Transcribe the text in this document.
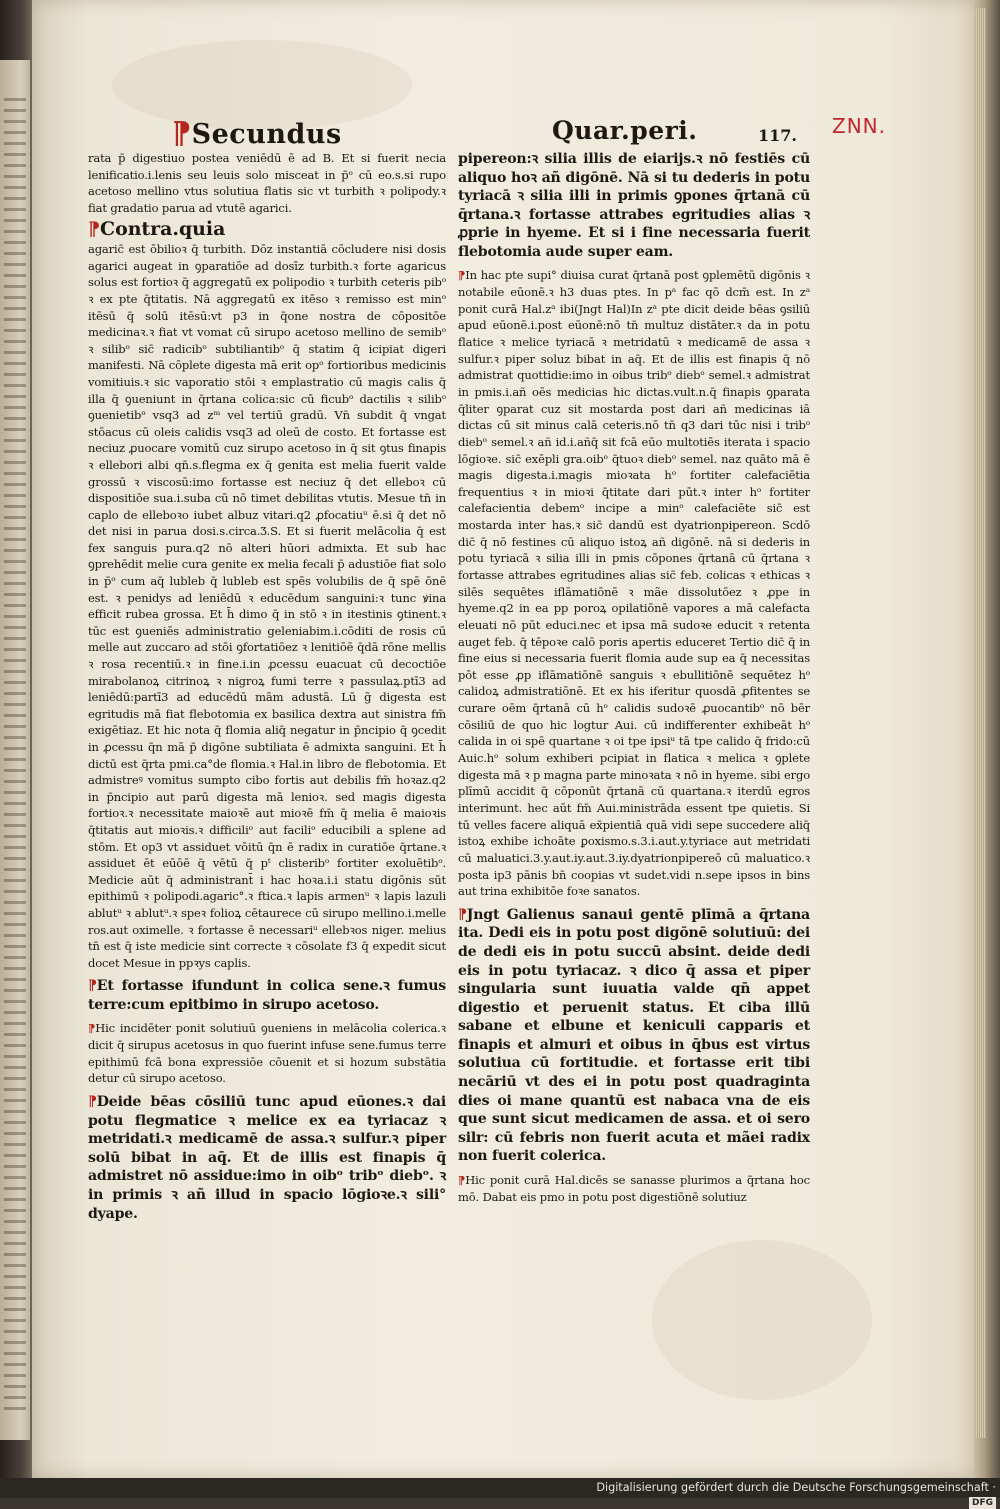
⁋Secundus	Quar.peri.	117. ZNN.

rata p̄ digestiuo postea veniēdū ē ad B. Et si fuerit necia lenificatio.i.lenis seu leuis solo misceat in p̄ᵒ cū eo.s.si rupo acetoso mellino vtus solutiua flatis sic vt turbith ꝛ polipody.ꝛ fiat gradatio parua ad vtutē agarici.

⁋Contra.quia

agaric̄ est ōbilioꝛ q̄ turbith. Dōz instantiā cōcludere nisi dosis agarici augeat in ꝯparatiōe ad dosīz turbith.ꝛ forte agaricus solus est fortioꝛ q̄ aggregatū ex polipodio ꝛ turbith ceteris pibᵒ ꝛ ex pte q̄titatis. Nā aggregatū ex itēso ꝛ remisso est minᵒ itēsū q̄ solū itēsū:vt p3 in q̄one nostra de cōpositōe medicinaꝛ.ꝛ fiat vt vomat cū sirupo acetoso mellino de semibᵒ ꝛ silibᵒ sic̄ radicibᵒ subtiliantibᵒ q̄ statim q̄ icipiat digeri manifesti. Nā cōplete digesta mā erit opᵒ fortioribus medicinis vomitiuis.ꝛ sic vaporatio stōi ꝛ emplastratio cū magis calis q̄ illa q̄ ꝯueniunt in q̄rtana colica:sic cū ficubᵒ dactilis ꝛ silibᵒ ꝯuenietibᵒ vsq3 ad zᵐ vel tertiū gradū. Vn̄ subdit q̄ vngat stōacus cū oleis calidis vsq3 ad oleū de costo. Et fortasse est neciuz ꝓuocare vomitū cuz sirupo acetoso in q̄ sit ꝯtus finapis ꝛ ellebori albi qn̄.s.flegma ex q̄ genita est melia fuerit valde grossū ꝛ viscosū:imo fortasse est neciuz q̄ det elleboꝛ cū dispositiōe sua.i.suba cū nō timet debilitas vtutis. Mesue tn̄ in caplo de elleboꝛo iubet albuz vitari.q2 ꝓfocatiuᵘ ē.si q̄ det nō det nisi in parua dosi.s.circa.Ʒ.S. Et si fuerit melācolia q̄ est fex sanguis pura.q2 nō alteri hūori admixta. Et sub hac ꝯprehēdit melie cura genite ex melia fecali p̄ adustiōe fiat solo in p̄ᵒ cum aq̄ lubleb q̄ lubleb est spēs volubilis de q̄ spē ōnē est. ꝛ penidys ad leniēdū ꝛ educēdum sanguini:ꝛ tunc ꝟina efficit rubea grossa. Et h̄ dimo q̄ in stō ꝛ in itestinis ꝯtinent.ꝛ tūc est ꝯueniēs administratio geleniabim.i.cōditi de rosis cū melle aut zuccaro ad stōi ꝯfortatiōez ꝛ lenitiōē q̄dā rōne mellis ꝛ rosa recentiū.ꝛ in fine.i.in ꝓcessu euacuat cū decoctiōe mirabolanoꝝ citrinoꝝ ꝛ nigroꝝ fumi terre ꝛ passulaꝝ.ptī3 ad leniēdū:partī3 ad educēdū mām adustā. Lū g̃ digesta est egritudis mā fiat flebotomia ex basilica dextra aut sinistra fm̄ exigētiaz. Et hic nota q̄ flomia aliq̄ negatur in p̄ncipio q̄ ꝯcedit in ꝓcessu q̄n mā p̄ digōne subtiliata ē admixta sanguini. Et h̄ dictū est q̄rta pmi.ca°de flomia.ꝛ Hal.in libro de flebotomia. Et admistreꝰ vomitus sumpto cibo fortis aut debilis fm̄ hoꝛaz.q2 in p̄ncipio aut parū digesta mā lenioꝛ. sed magis digesta fortioꝛ.ꝛ necessitate maioꝛē aut mioꝛē fm̄ q̄ melia ē maioꝛis q̄titatis aut mioꝛis.ꝛ difficiliᵒ aut faciliᵒ educibili a splene ad stōm. Et op3 vt assiduet vōitū q̄n ē radix in curatiōe q̄rtane.ꝛ assiduet ēt eūōē q̄ vētū q̄ pᵗ clisteribᵒ fortiter exoluētibᵒ. Medicie aūt q̄ administrant̄ i hac hoꝛa.i.i statu digōnis sūt epithimū ꝛ polipodi.agaric°.ꝛ ftica.ꝛ lapis armenᵘ ꝛ lapis lazuli ablutᵘ ꝛ ablutᵘ.ꝛ speꝛ folioꝝ cētaurece cū sirupo mellino.i.melle ros.aut oximelle. ꝛ fortasse ē necessariᵘ ellebꝛos niger. melius tn̄ est q̄ iste medicie sint correcte ꝛ cōsolate f3 q̄ expedit sicut docet Mesue in ppꝛys caplis.

⁋Et fortasse ifundunt in colica sene.ꝛ fumus terre:cum epitbimo in sirupo acetoso.

⁋Hic incidēter ponit solutiuū ꝯueniens in melācolia colerica.ꝛ dicit q̄ sirupus acetosus in quo fuerint infuse sene.fumus terre epithimū fcā bona expressiōe cōuenit et si hozum substātia detur cū sirupo acetoso.

⁋Deide bēas cōsiliū tunc apud eūones.ꝛ dai potu flegmatice ꝛ melice ex ea tyriacaz ꝛ metridati.ꝛ medicamē de assa.ꝛ sulfur.ꝛ piper solū bibat in aq̄. Et de illis est finapis q̄ admistret nō assidue:imo in oibᵒ tribᵒ diebᵒ. ꝛ in primis ꝛ añ illud in spacio lōgioꝛe.ꝛ sili° dyape.

pipereon:ꝛ silia illis de eiarijs.ꝛ nō festiēs cū aliquo hoꝛ añ digōnē. Nā si tu dederis in potu tyriacā ꝛ silia illi in primis ꝯpones q̄rtanā cū q̄rtana.ꝛ fortasse attrabes egritudies alias ꝛ ꝓprie in hyeme. Et si i fine necessaria fuerit flebotomia aude super eam.

⁋In hac pte supi° diuisa curat q̄rtanā post ꝯplemētū digōnis ꝛ notabile eūonē.ꝛ h3 duas ptes. In pᵃ fac qō dcm̄ est. In zᵃ ponit curā Hal.zᵃ ibi(Jngt Hal)In zᵃ pte dicit deide bēas ꝯsiliū apud eūonē.i.post eūonē:nō tn̄ multuz distāter.ꝛ da in potu flatice ꝛ melice tyriacā ꝛ metridatū ꝛ medicamē de assa ꝛ sulfur.ꝛ piper soluz bibat in aq̄. Et de illis est finapis q̄ nō admistrat quottidie:imo in oibus tribᵒ diebᵒ semel.ꝛ admistrat in pmis.i.añ oēs medicias hic dictas.vult.n.q̄ finapis ꝯparata q̄liter ꝯparat cuz sit mostarda post dari añ medicinas iā dictas cū sit minus calā ceteris.nō tn̄ q3 dari tūc nisi i tribᵒ diebᵒ semel.ꝛ añ id.i.añq̄ sit fcā eūo multotiēs iterata i spacio lōgioꝛe. sic̄ exēpli gra.oibᵒ q̄tuoꝛ diebᵒ semel. naz quāto mā ē magis digesta.i.magis mioꝛata hᵒ fortiter calefaciētia frequentius ꝛ in mioꝛi q̄titate dari pūt.ꝛ inter hᵒ fortiter calefacientia debemᵒ incipe a minᵒ calefaciēte sic̄ est mostarda inter has.ꝛ sic̄ dandū est dyatrionpipereon. Scdō dic̄ q̄ nō festines cū aliquo istoꝝ añ digōnē. nā si dederis in potu tyriacā ꝛ silia illi in pmis cōpones q̄rtanā cū q̄rtana ꝛ fortasse attrabes egritudines alias sic̄ feb. colicas ꝛ ethicas ꝛ silēs sequētes iflāmatiōnē ꝛ mãe dissolutōez ꝛ ꝓpe in hyeme.q2 in ea pp poroꝝ opilatiōnē vapores a mā calefacta eleuati nō pūt educi.nec et ipsa mā sudoꝛe educit ꝛ retenta auget feb. q̄ tēpoꝛe calō poris apertis educeret Tertio dic̄ q̄ in fine eius si necessaria fuerit flomia aude sup ea q̄ necessitas pōt esse ꝓp iflāmatiōnē sanguis ꝛ ebullitiōnē sequētez hᵒ calidoꝝ admistratiōnē. Et ex his iferitur quosdā ꝓfitentes se curare oēm q̄rtanā cū hᵒ calidis sudoꝛē ꝓuocantibᵒ nō bēr cōsiliū de quo hic logtur Aui. cū indifferenter exhibeāt hᵒ calida in oi spē quartane ꝛ oi tpe ipsiᵘ tā tpe calido q̄ frido:cū Auic.hᵒ solum exhiberi pcipiat in flatica ꝛ melica ꝛ ꝯplete digesta mā ꝛ p magna parte minoꝛata ꝛ nō in hyeme. sibi ergo plīmū accidit q̄ cōponūt q̄rtanā cū quartana.ꝛ iterdū egros interimunt. hec aūt fm̄ Aui.ministrāda essent tpe quietis. Si tū velles facere aliquā ex̄pientiā quā vidi sepe succedere aliq̄ istoꝝ exhibe ichoāte ꝑoxismo.s.3.i.aut.y.tyriace aut metridati cū maluatici.3.y.aut.iy.aut.3.iy.dyatrionpipereō cū maluatico.ꝛ posta ip3 pānis bn̄ coopias vt sudet.vidi n.sepe ipsos in bins aut trina exhibitōe foꝛe sanatos.

⁋Jngt Galienus sanaui gentē plīmā a q̄rtana ita. Dedi eis in potu post digōnē solutiuū: dei de dedi eis in potu succū absint. deide dedi eis in potu tyriacaz. ꝛ dico q̄ assa et piper singularia sunt iuuatia valde qn̄ appet digestio et peruenit status. Et ciba illū sabane et elbune et keniculi capparis et finapis et almuri et oibus in q̄bus est virtus solutiua cū fortitudie. et fortasse erit tibi necāriū vt des ei in potu post quadraginta dies oi mane quantū est nabaca vna de eis que sunt sicut medicamen de assa. et oi sero silr: cū febris non fuerit acuta et mãei radix non fuerit colerica.

⁋Hic ponit curā Hal.dicēs se sanasse plurimos a q̄rtana hoc mō. Dabat eis pmo in potu post digestiōnē solutiuz

Digitalisierung gefördert durch die Deutsche Forschungsgemeinschaft ·DFG
